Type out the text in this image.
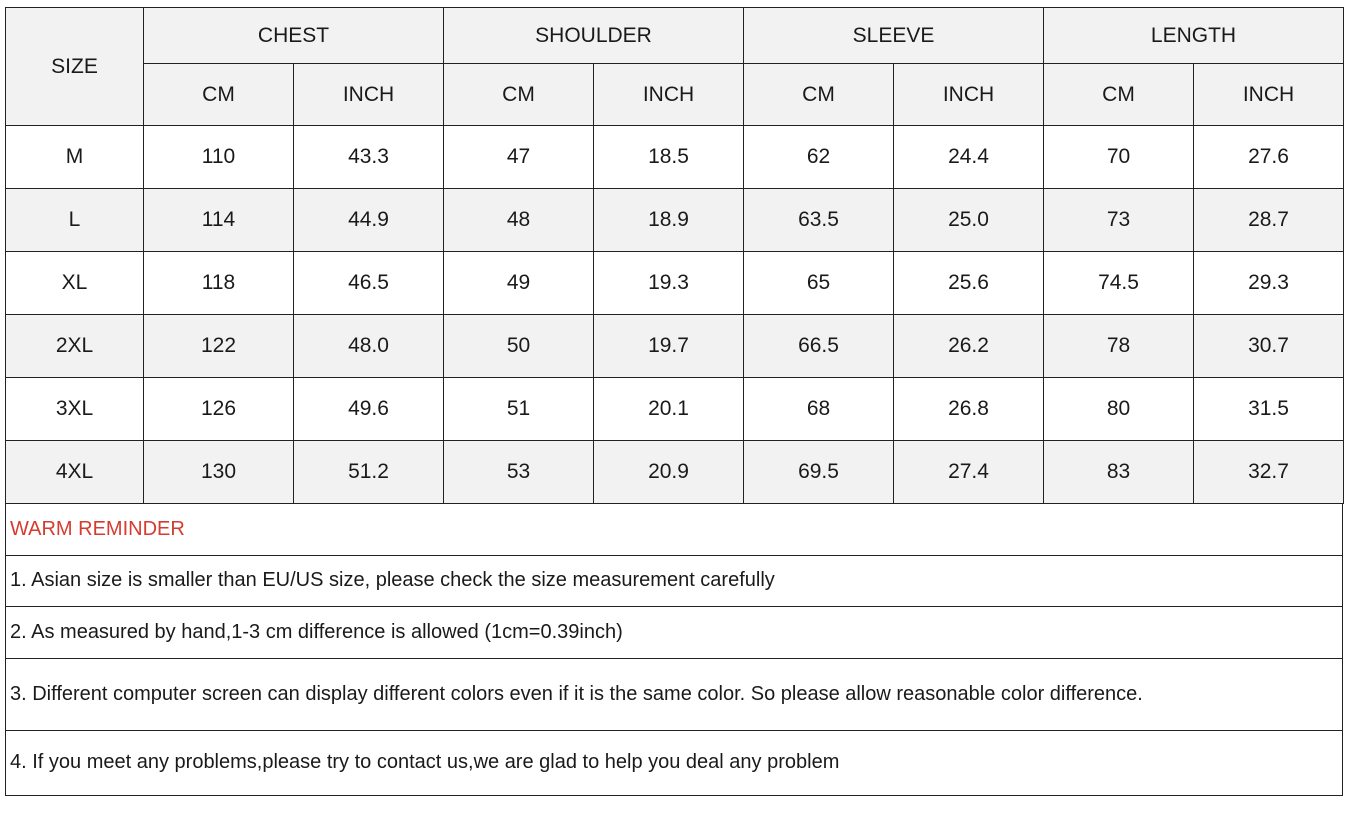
SIZE	CHEST		SHOULDER		SLEEVE		LENGTH	
	CM	INCH	CM	INCH	CM	INCH	CM	INCH
M	110	43.3	47	18.5	62	24.4	70	27.6
L	114	44.9	48	18.9	63.5	25.0	73	28.7
XL	118	46.5	49	19.3	65	25.6	74.5	29.3
2XL	122	48.0	50	19.7	66.5	26.2	78	30.7
3XL	126	49.6	51	20.1	68	26.8	80	31.5
4XL	130	51.2	53	20.9	69.5	27.4	83	32.7
WARM REMINDER
1. Asian size is smaller than EU/US size, please check the size measurement carefully
2. As measured by hand,1-3 cm difference is allowed (1cm=0.39inch)
3. Different computer screen can display different colors even if it is the same color. So please allow reasonable color difference.
4. If you meet any problems,please try to contact us,we are glad to help you deal any problem
